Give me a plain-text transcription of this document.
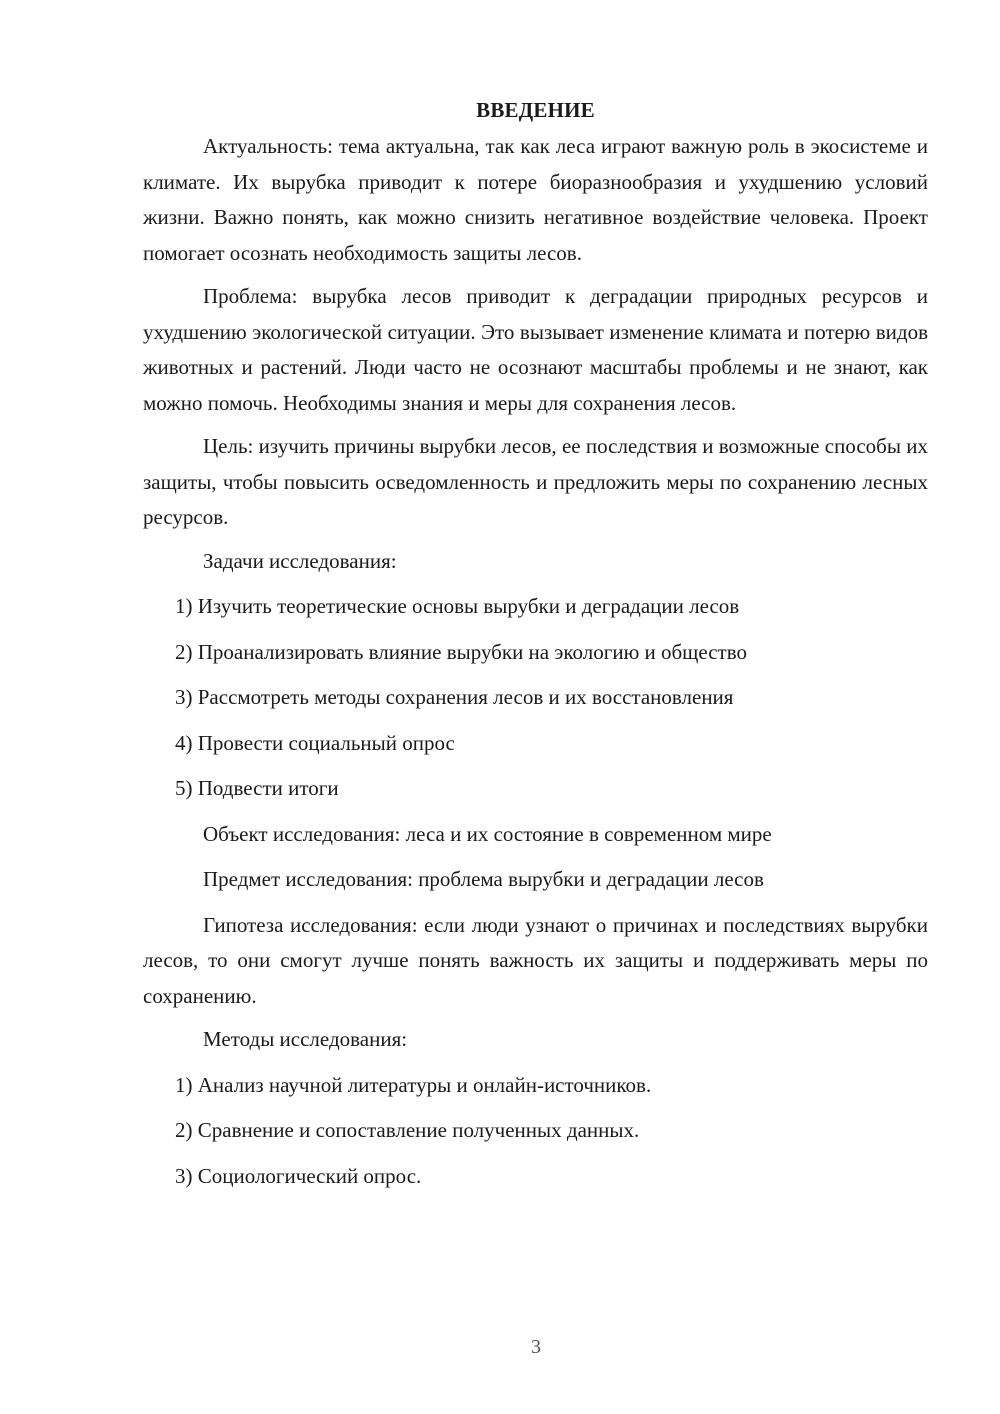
ВВЕДЕНИЕ

Актуальность: тема актуальна, так как леса играют важную роль в экосистеме и климате. Их вырубка приводит к потере биоразнообразия и ухудшению условий жизни. Важно понять, как можно снизить негативное воздействие человека. Проект помогает осознать необходимость защиты лесов.

Проблема: вырубка лесов приводит к деградации природных ресурсов и ухудшению экологической ситуации. Это вызывает изменение климата и потерю видов животных и растений. Люди часто не осознают масштабы проблемы и не знают, как можно помочь. Необходимы знания и меры для сохранения лесов.

Цель: изучить причины вырубки лесов, ее последствия и возможные способы их защиты, чтобы повысить осведомленность и предложить меры по сохранению лесных ресурсов.

Задачи исследования:
1) Изучить теоретические основы вырубки и деградации лесов
2) Проанализировать влияние вырубки на экологию и общество
3) Рассмотреть методы сохранения лесов и их восстановления
4) Провести социальный опрос
5) Подвести итоги
Объект исследования: леса и их состояние в современном мире
Предмет исследования: проблема вырубки и деградации лесов

Гипотеза исследования: если люди узнают о причинах и последствиях вырубки лесов, то они смогут лучше понять важность их защиты и поддерживать меры по сохранению.

Методы исследования:
1) Анализ научной литературы и онлайн-источников.
2) Сравнение и сопоставление полученных данных.
3) Социологический опрос.
3
